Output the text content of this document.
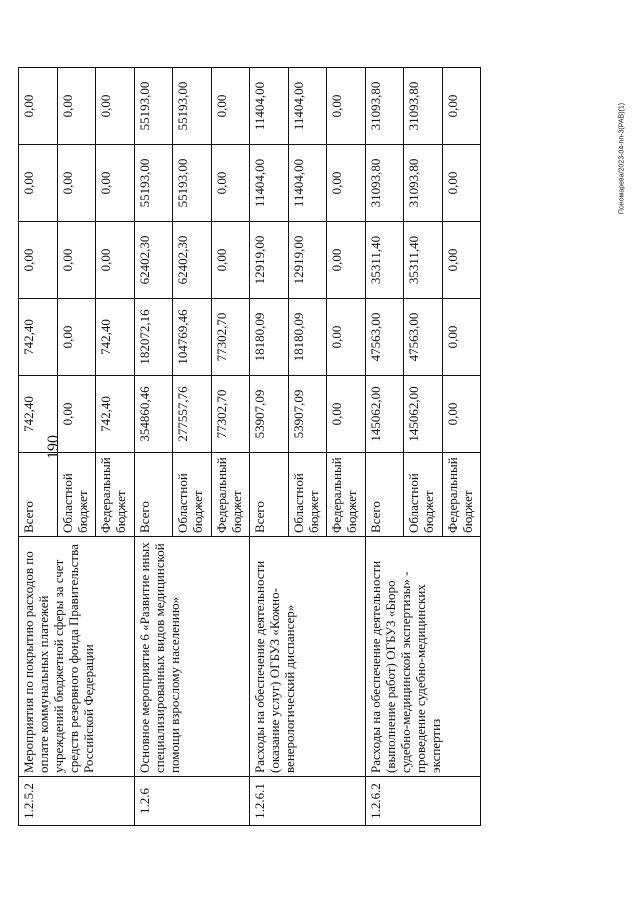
190
Пономарева/2023-04-пп-3(РАВ)(1)
1.2.5.2	Мероприятия по покрытию расходов по оплате коммунальных платежей учреждений бюджетной сферы за счет средств резервного фонда Правительства Российской Федерации	Всего	742,40	742,40	0,00	0,00	0,00
		Областной бюджет	0,00	0,00	0,00	0,00	0,00
		Федеральный бюджет	742,40	742,40	0,00	0,00	0,00
1.2.6	Основное мероприятие 6 «Развитие иных специализированных видов медицинской помощи взрослому населению»	Всего	354860,46	182072,16	62402,30	55193,00	55193,00
		Областной бюджет	277557,76	104769,46	62402,30	55193,00	55193,00
		Федеральный бюджет	77302,70	77302,70	0,00	0,00	0,00
1.2.6.1	Расходы на обеспечение деятельности (оказание услуг) ОГБУЗ «Кожно-венерологический диспансер»	Всего	53907,09	18180,09	12919,00	11404,00	11404,00
		Областной бюджет	53907,09	18180,09	12919,00	11404,00	11404,00
		Федеральный бюджет	0,00	0,00	0,00	0,00	0,00
1.2.6.2	Расходы на обеспечение деятельности (выполнение работ) ОГБУЗ «Бюро судебно-медицинской экспертизы» - проведение судебно-медицинских экспертиз	Всего	145062,00	47563,00	35311,40	31093,80	31093,80
		Областной бюджет	145062,00	47563,00	35311,40	31093,80	31093,80
		Федеральный бюджет	0,00	0,00	0,00	0,00	0,00
